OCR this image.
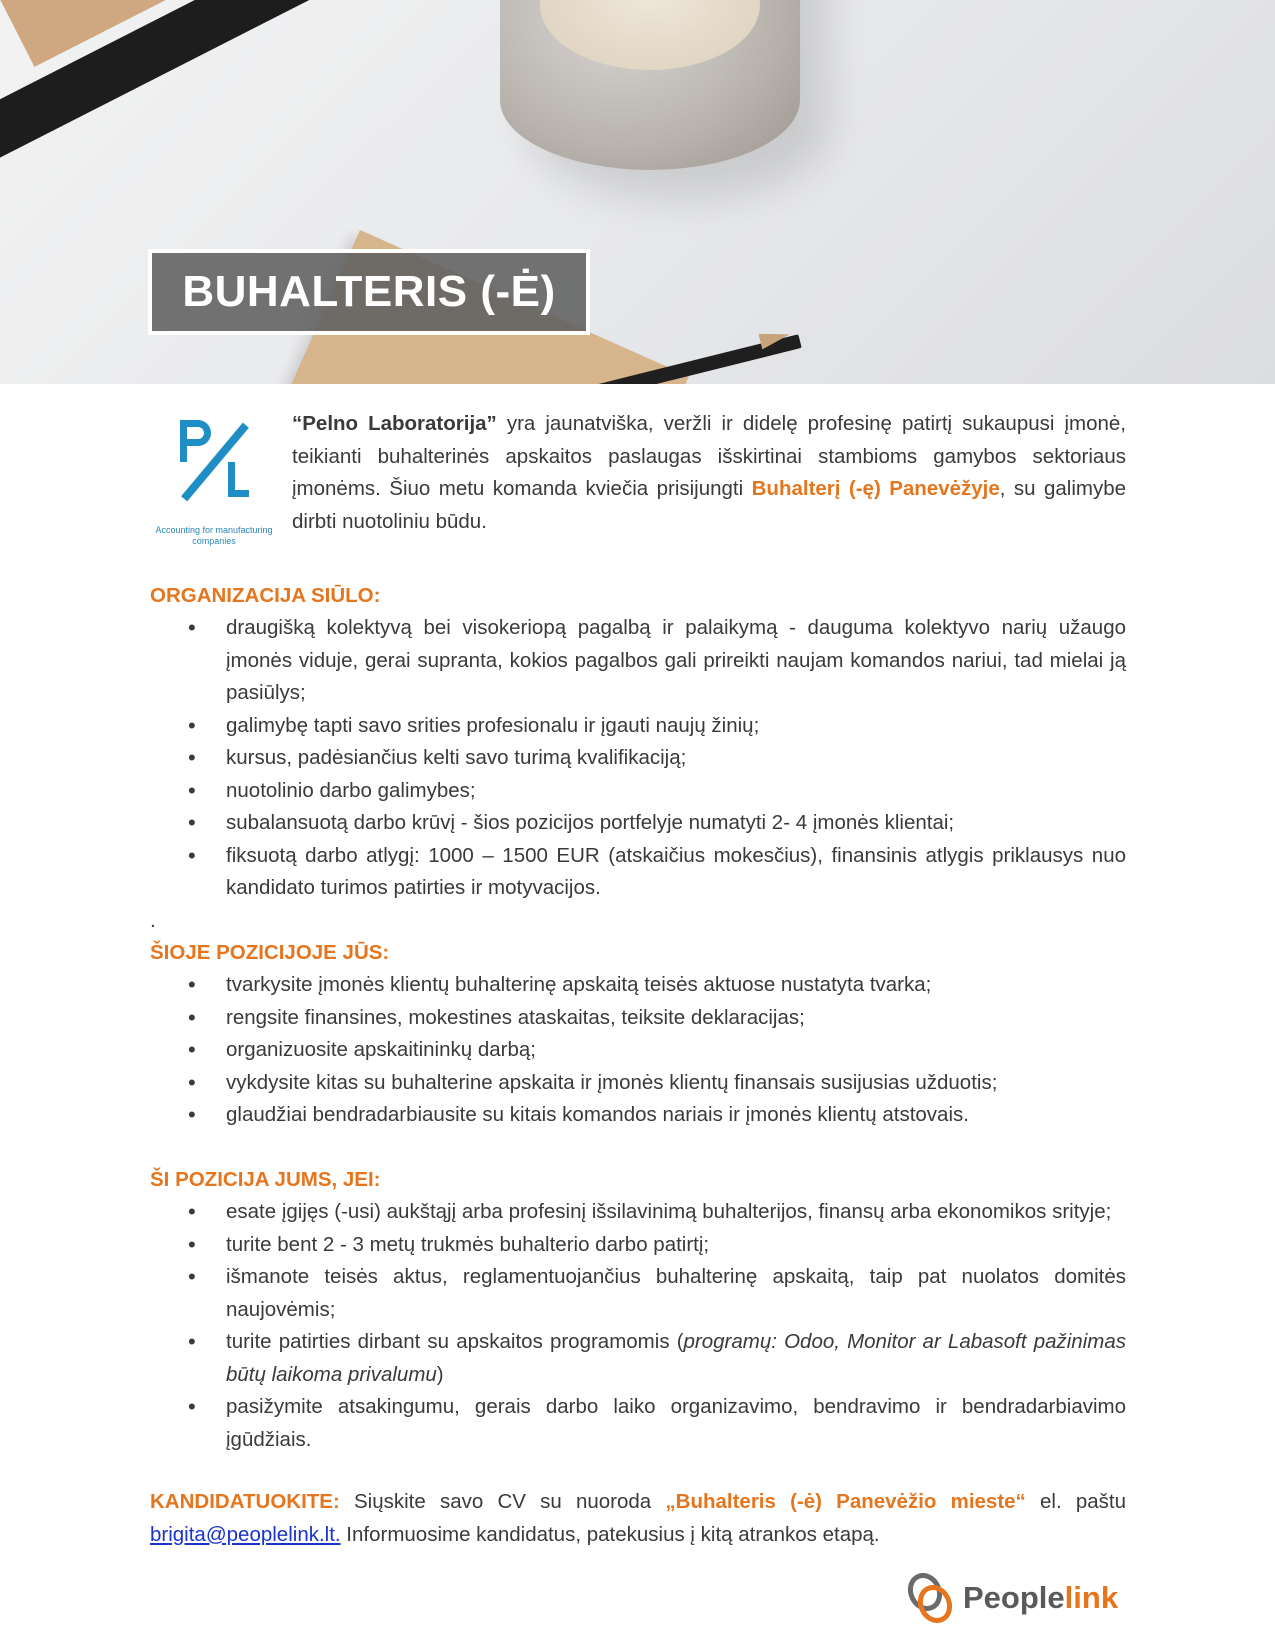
BUHALTERIS (-Ė)
Accounting for manufacturing companies

“Pelno Laboratorija” yra jaunatviška, veržli ir didelę profesinę patirtį sukaupusi įmonė, teikianti buhalterinės apskaitos paslaugas išskirtinai stambioms gamybos sektoriaus įmonėms. Šiuo metu komanda kviečia prisijungti Buhalterį (-ę) Panevėžyje, su galimybe dirbti nuotoliniu būdu.

ORGANIZACIJA SIŪLO:
• draugišką kolektyvą bei visokeriopą pagalbą ir palaikymą - dauguma kolektyvo narių užaugo įmonės viduje, gerai supranta, kokios pagalbos gali prireikti naujam komandos nariui, tad mielai ją pasiūlys;
• galimybę tapti savo srities profesionalu ir įgauti naujų žinių;
• kursus, padėsiančius kelti savo turimą kvalifikaciją;
• nuotolinio darbo galimybes;
• subalansuotą darbo krūvį - šios pozicijos portfelyje numatyti 2- 4 įmonės klientai;
• fiksuotą darbo atlygį: 1000 – 1500 EUR (atskaičius mokesčius), finansinis atlygis priklausys nuo kandidato turimos patirties ir motyvacijos.
.
ŠIOJE POZICIJOJE JŪS:
• tvarkysite įmonės klientų buhalterinę apskaitą teisės aktuose nustatyta tvarka;
• rengsite finansines, mokestines ataskaitas, teiksite deklaracijas;
• organizuosite apskaitininkų darbą;
• vykdysite kitas su buhalterine apskaita ir įmonės klientų finansais susijusias užduotis;
• glaudžiai bendradarbiausite su kitais komandos nariais ir įmonės klientų atstovais.
ŠI POZICIJA JUMS, JEI:
• esate įgijęs (-usi) aukštąjį arba profesinį išsilavinimą buhalterijos, finansų arba ekonomikos srityje;
• turite bent 2 - 3 metų trukmės buhalterio darbo patirtį;
• išmanote teisės aktus, reglamentuojančius buhalterinę apskaitą, taip pat nuolatos domitės naujovėmis;
• turite patirties dirbant su apskaitos programomis (programų: Odoo, Monitor ar Labasoft pažinimas būtų laikoma privalumu)
• pasižymite atsakingumu, gerais darbo laiko organizavimo, bendravimo ir bendradarbiavimo įgūdžiais.

KANDIDATUOKITE: Siųskite savo CV su nuoroda „Buhalteris (-ė) Panevėžio mieste“ el. paštu brigita@peoplelink.lt. Informuosime kandidatus, patekusius į kitą atrankos etapą.

Peoplelink
